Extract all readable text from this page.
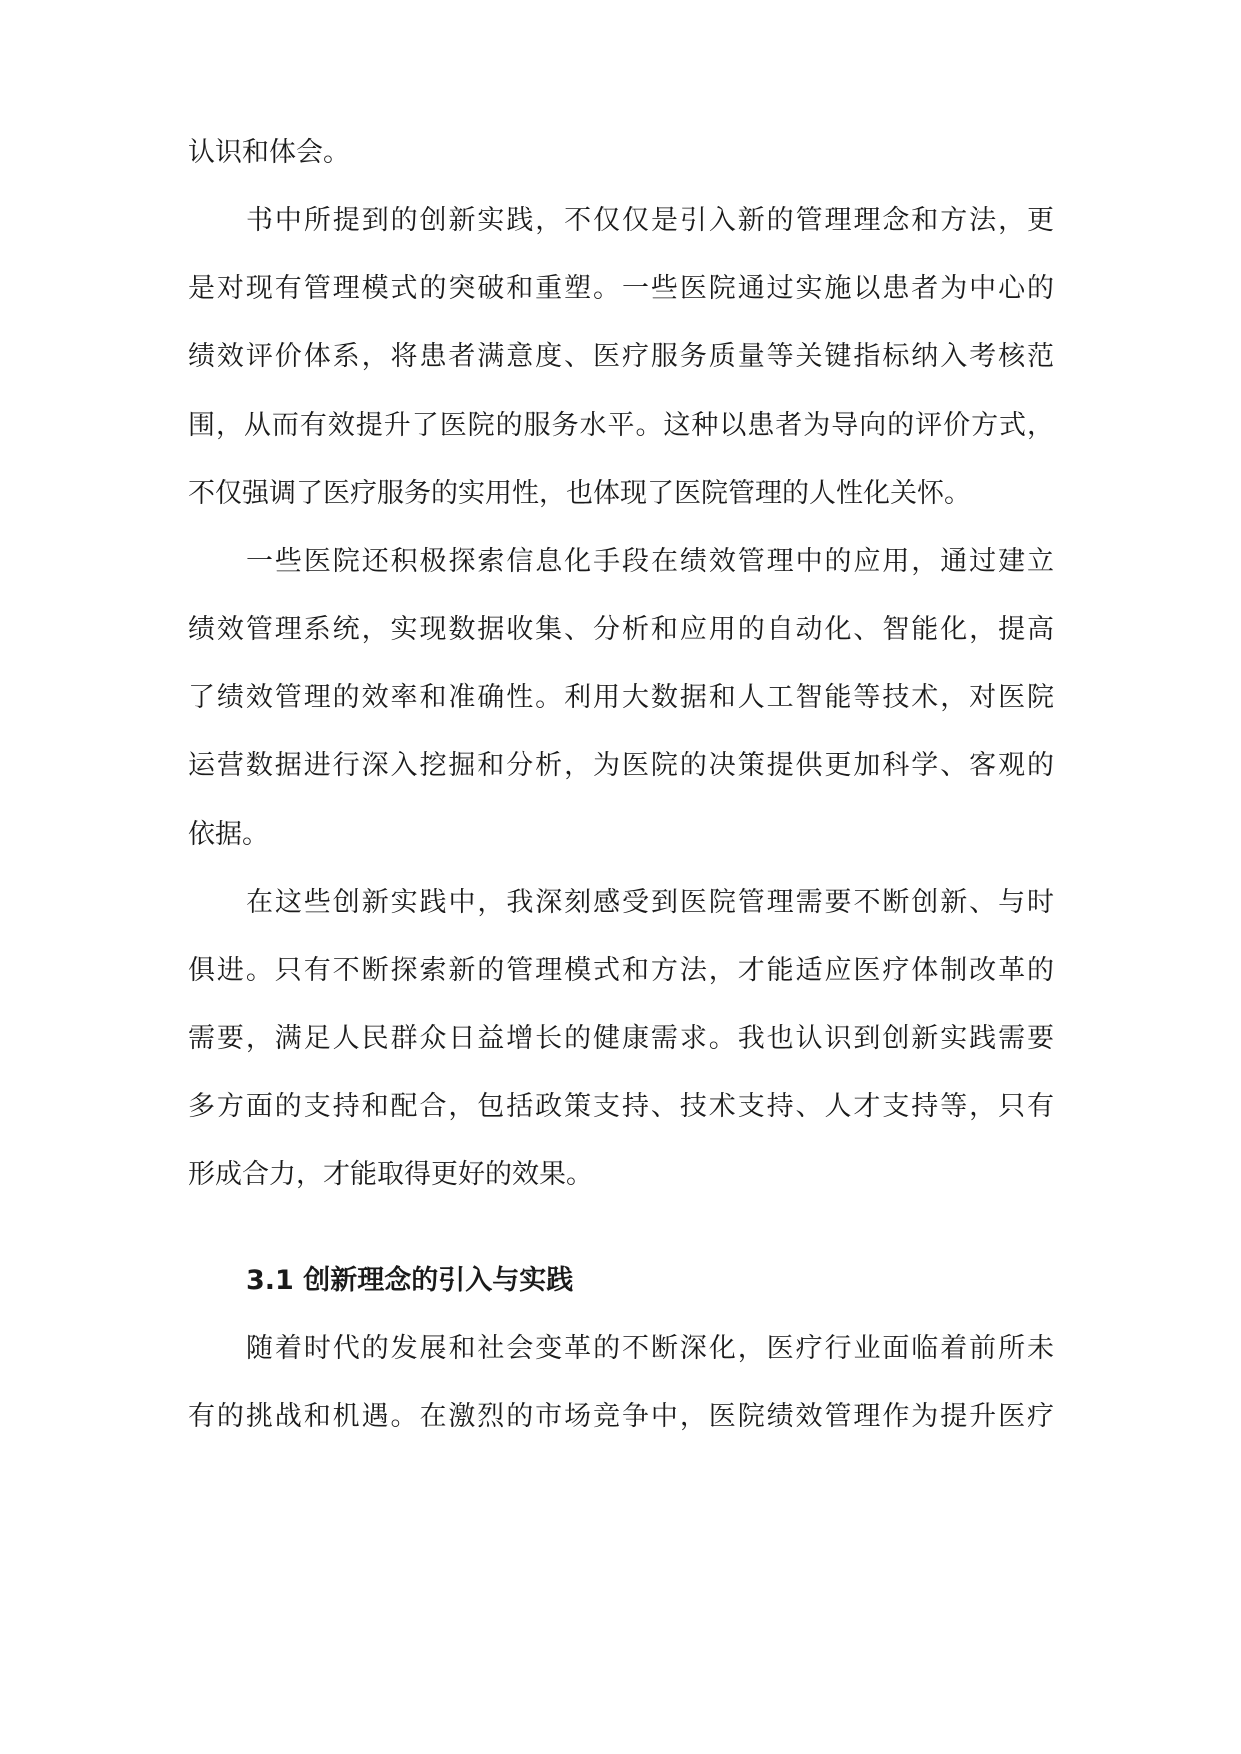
认识和体会。
书中所提到的创新实践，不仅仅是引入新的管理理念和方法，更
是对现有管理模式的突破和重塑。一些医院通过实施以患者为中心的
绩效评价体系，将患者满意度、医疗服务质量等关键指标纳入考核范
围，从而有效提升了医院的服务水平。这种以患者为导向的评价方式，
不仅强调了医疗服务的实用性，也体现了医院管理的人性化关怀。
一些医院还积极探索信息化手段在绩效管理中的应用，通过建立
绩效管理系统，实现数据收集、分析和应用的自动化、智能化，提高
了绩效管理的效率和准确性。利用大数据和人工智能等技术，对医院
运营数据进行深入挖掘和分析，为医院的决策提供更加科学、客观的
依据。
在这些创新实践中，我深刻感受到医院管理需要不断创新、与时
俱进。只有不断探索新的管理模式和方法，才能适应医疗体制改革的
需要，满足人民群众日益增长的健康需求。我也认识到创新实践需要
多方面的支持和配合，包括政策支持、技术支持、人才支持等，只有
形成合力，才能取得更好的效果。
3.1 创新理念的引入与实践
随着时代的发展和社会变革的不断深化，医疗行业面临着前所未
有的挑战和机遇。在激烈的市场竞争中，医院绩效管理作为提升医疗
